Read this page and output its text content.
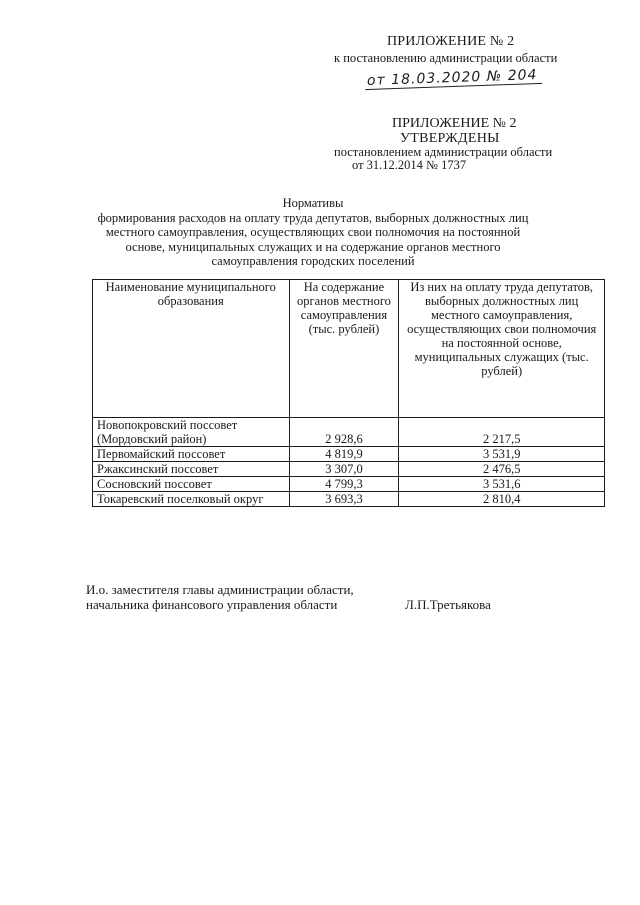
ПРИЛОЖЕНИЕ № 2
к постановлению администрации области
от 18.03.2020 № 204
ПРИЛОЖЕНИЕ № 2
УТВЕРЖДЕНЫ
постановлением администрации области
от 31.12.2014 № 1737
Нормативы
формирования расходов на оплату труда депутатов, выборных должностных лиц местного самоуправления, осуществляющих свои полномочия на постоянной основе, муниципальных служащих и на содержание органов местного самоуправления городских поселений
Наименование муниципального образования	На содержание органов местного самоуправления (тыс. рублей)	Из них на оплату труда депутатов, выборных должностных лиц местного самоуправления, осуществляющих свои полномочия на постоянной основе, муниципальных служащих (тыс. рублей)
Новопокровский поссовет (Мордовский район)	2 928,6	2 217,5
Первомайский поссовет	4 819,9	3 531,9
Ржаксинский поссовет	3 307,0	2 476,5
Сосновский поссовет	4 799,3	3 531,6
Токаревский поселковый округ	3 693,3	2 810,4
И.о. заместителя главы администрации области,
начальника финансового управления области	Л.П.Третьякова
